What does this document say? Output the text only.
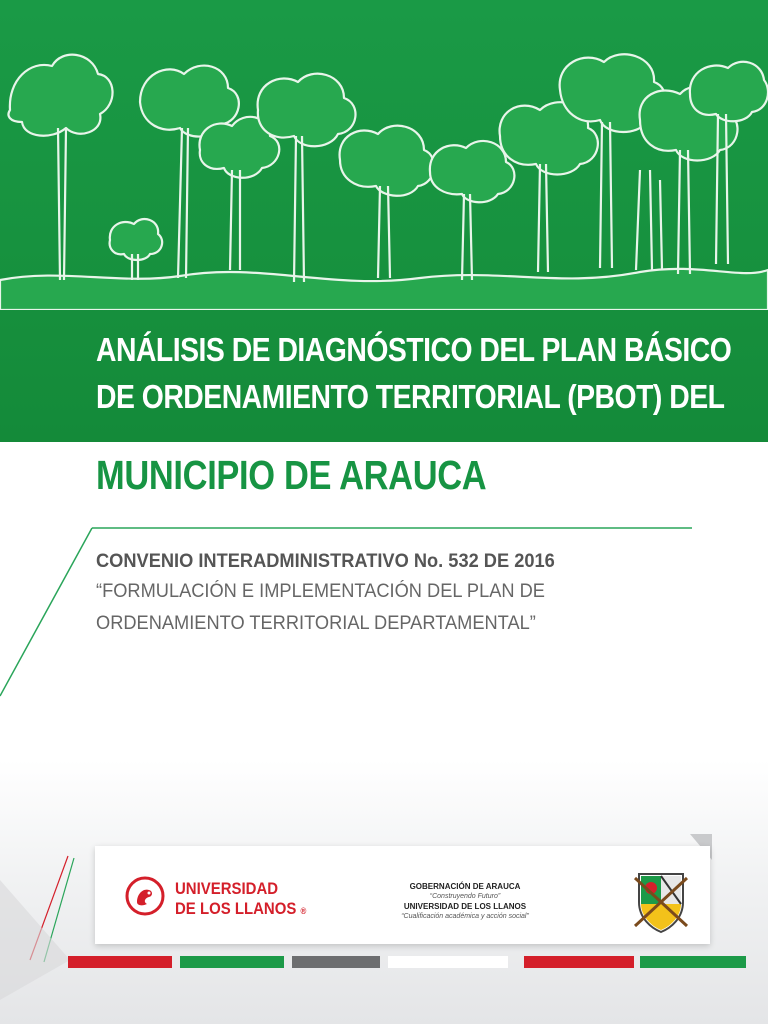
ANÁLISIS DE DIAGNÓSTICO DEL PLAN BÁSICO
DE ORDENAMIENTO TERRITORIAL (PBOT) DEL
MUNICIPIO DE ARAUCA
CONVENIO INTERADMINISTRATIVO No. 532 DE 2016
“FORMULACIÓN E IMPLEMENTACIÓN DEL PLAN DE
ORDENAMIENTO TERRITORIAL DEPARTAMENTAL”
UNIVERSIDAD
DE LOS LLANOS ®
GOBERNACIÓN DE ARAUCA
“Construyendo Futuro”
UNIVERSIDAD DE LOS LLANOS
“Cualificación académica y acción social”
